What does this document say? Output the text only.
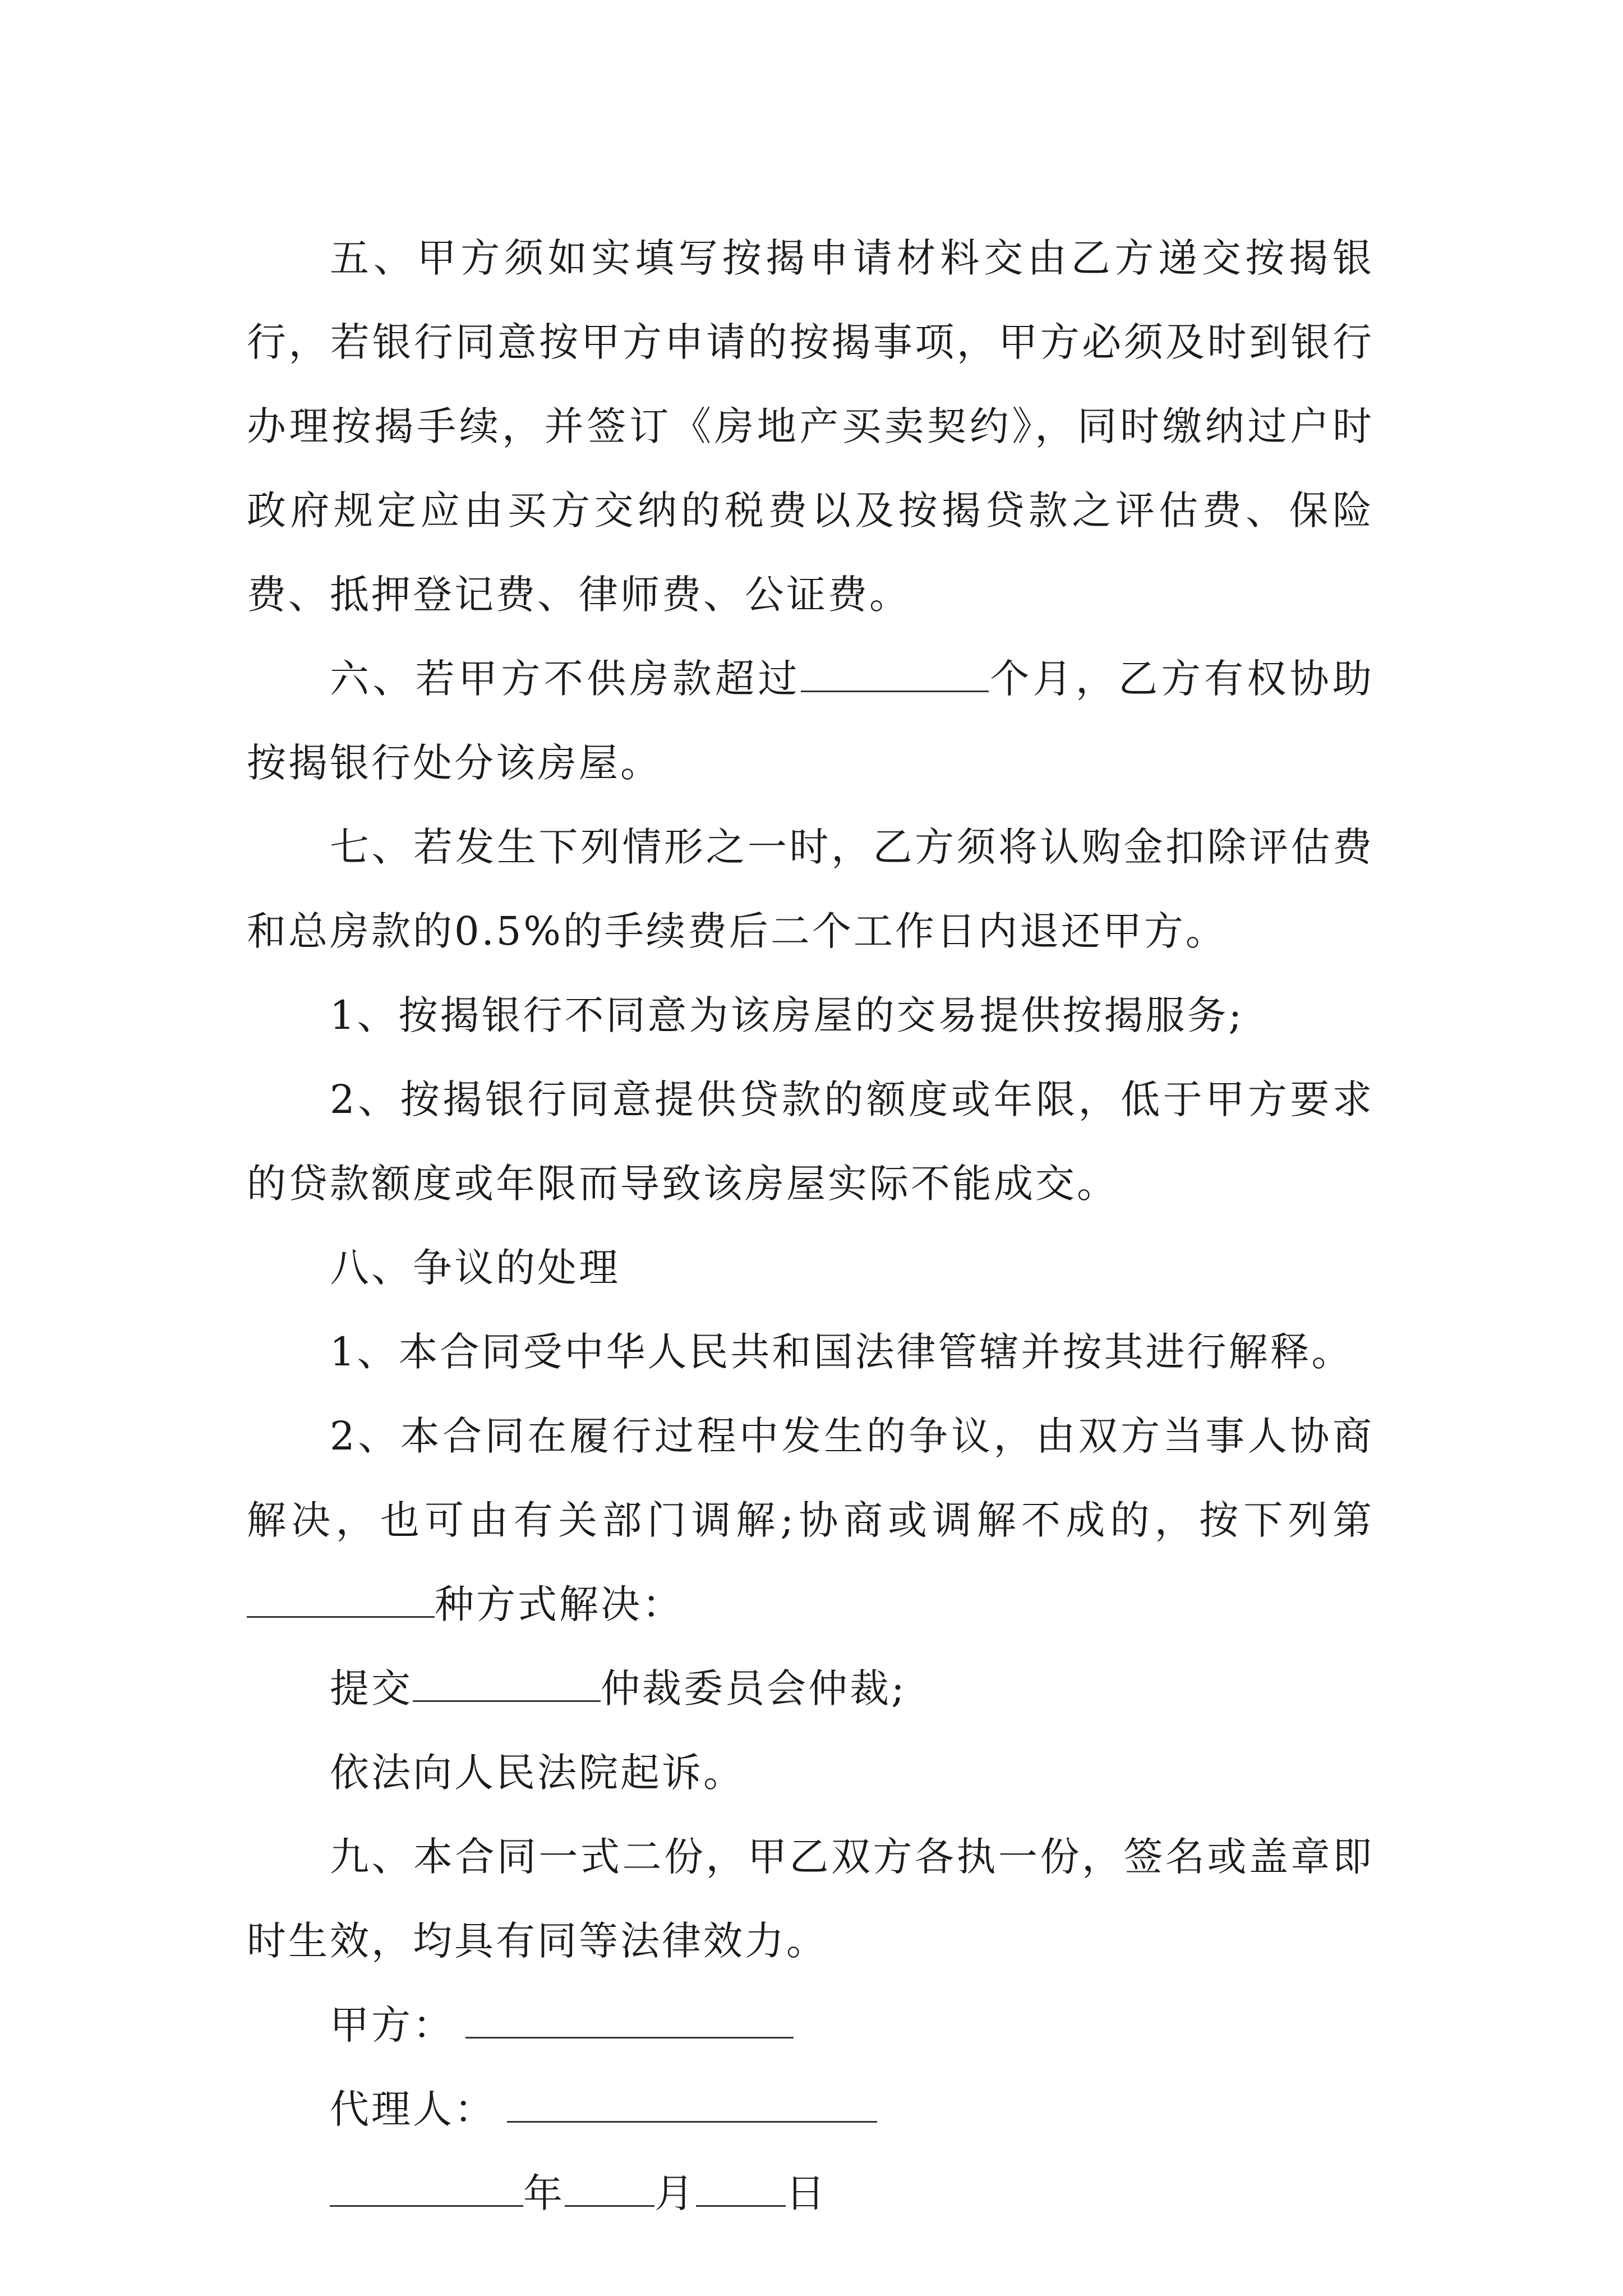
五、甲方须如实填写按揭申请材料交由乙方递交按揭银行，若银行同意按甲方申请的按揭事项，甲方必须及时到银行办理按揭手续，并签订《房地产买卖契约》，同时缴纳过户时政府规定应由买方交纳的税费以及按揭贷款之评估费、保险费、抵押登记费、律师费、公证费。

六、若甲方不供房款超过	个月，乙方有权协助按揭银行处分该房屋。

七、若发生下列情形之一时，乙方须将认购金扣除评估费和总房款的0.5%的手续费后二个工作日内退还甲方。

1、按揭银行不同意为该房屋的交易提供按揭服务;

2、按揭银行同意提供贷款的额度或年限，低于甲方要求的贷款额度或年限而导致该房屋实际不能成交。

八、争议的处理

1、本合同受中华人民共和国法律管辖并按其进行解释。

2、本合同在履行过程中发生的争议，由双方当事人协商解决，也可由有关部门调解;协商或调解不成的，按下列第种方式解决：

提交	仲裁委员会仲裁;

依法向人民法院起诉。

九、本合同一式二份，甲乙双方各执一份，签名或盖章即时生效，均具有同等法律效力。

甲方：

代理人：

年 月 日
